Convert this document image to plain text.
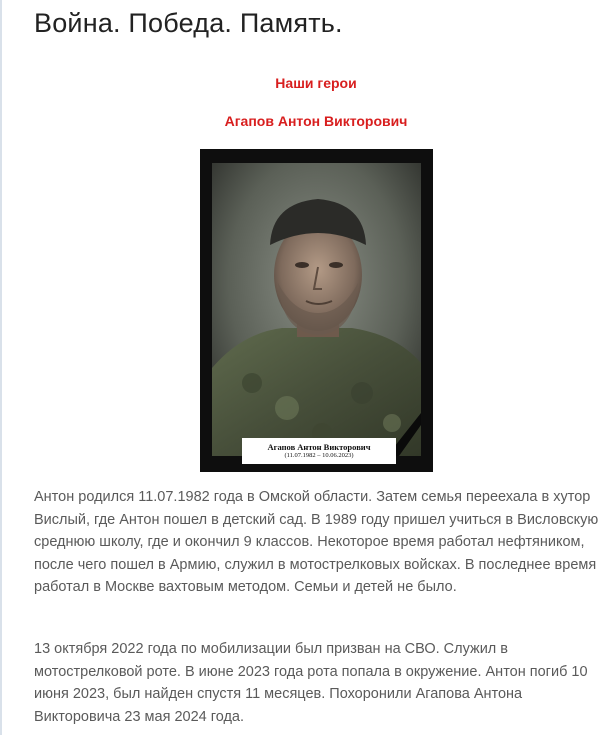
Война. Победа. Память.
Наши герои
Агапов Антон Викторович
Агапов Антон Викторович
(11.07.1982 – 10.06.2023)

Антон родился 11.07.1982 года в Омской области. Затем семья переехала в хутор Вислый, где Антон пошел в детский сад. В 1989 году пришел учиться в Висловскую среднюю школу, где и окончил 9 классов. Некоторое время работал нефтяником, после чего пошел в Армию, служил в мотострелковых войсках. В последнее время работал в Москве вахтовым методом. Семьи и детей не было.

13 октября 2022 года по мобилизации был призван на СВО. Служил в мотострелковой роте. В июне 2023 года рота попала в окружение. Антон погиб 10 июня 2023, был найден спустя 11 месяцев. Похоронили Агапова Антона Викторовича 23 мая 2024 года.
